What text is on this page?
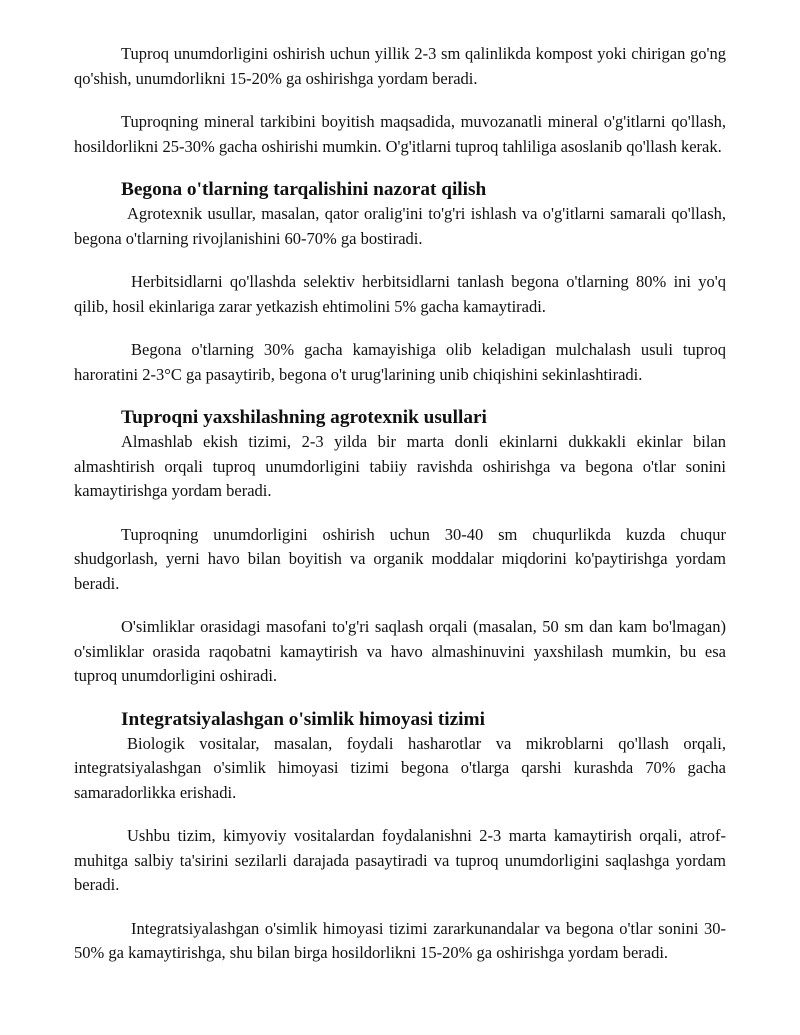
Tuproq unumdorligini oshirish uchun yillik 2-3 sm qalinlikda kompost yoki chirigan go'ng qo'shish, unumdorlikni 15-20% ga oshirishga yordam beradi.

Tuproqning mineral tarkibini boyitish maqsadida, muvozanatli mineral o'g'itlarni qo'llash, hosildorlikni 25-30% gacha oshirishi mumkin. O'g'itlarni tuproq tahliliga asoslanib qo'llash kerak.

Begona o'tlarning tarqalishini nazorat qilish

Agrotexnik usullar, masalan, qator oralig'ini to'g'ri ishlash va o'g'itlarni samarali qo'llash, begona o'tlarning rivojlanishini 60-70% ga bostiradi.

Herbitsidlarni qo'llashda selektiv herbitsidlarni tanlash begona o'tlarning 80% ini yo'q qilib, hosil ekinlariga zarar yetkazish ehtimolini 5% gacha kamaytiradi.

Begona o'tlarning 30% gacha kamayishiga olib keladigan mulchalash usuli tuproq haroratini 2-3°C ga pasaytirib, begona o't urug'larining unib chiqishini sekinlashtiradi.

Tuproqni yaxshilashning agrotexnik usullari

Almashlab ekish tizimi, 2-3 yilda bir marta donli ekinlarni dukkakli ekinlar bilan almashtirish orqali tuproq unumdorligini tabiiy ravishda oshirishga va begona o'tlar sonini kamaytirishga yordam beradi.

Tuproqning unumdorligini oshirish uchun 30-40 sm chuqurlikda kuzda chuqur shudgorlash, yerni havo bilan boyitish va organik moddalar miqdorini ko'paytirishga yordam beradi.

O'simliklar orasidagi masofani to'g'ri saqlash orqali (masalan, 50 sm dan kam bo'lmagan) o'simliklar orasida raqobatni kamaytirish va havo almashinuvini yaxshilash mumkin, bu esa tuproq unumdorligini oshiradi.

Integratsiyalashgan o'simlik himoyasi tizimi

Biologik vositalar, masalan, foydali hasharotlar va mikroblarni qo'llash orqali, integratsiyalashgan o'simlik himoyasi tizimi begona o'tlarga qarshi kurashda 70% gacha samaradorlikka erishadi.

Ushbu tizim, kimyoviy vositalardan foydalanishni 2-3 marta kamaytirish orqali, atrof-muhitga salbiy ta'sirini sezilarli darajada pasaytiradi va tuproq unumdorligini saqlashga yordam beradi.

Integratsiyalashgan o'simlik himoyasi tizimi zararkunandalar va begona o'tlar sonini 30-50% ga kamaytirishga, shu bilan birga hosildorlikni 15-20% ga oshirishga yordam beradi.
